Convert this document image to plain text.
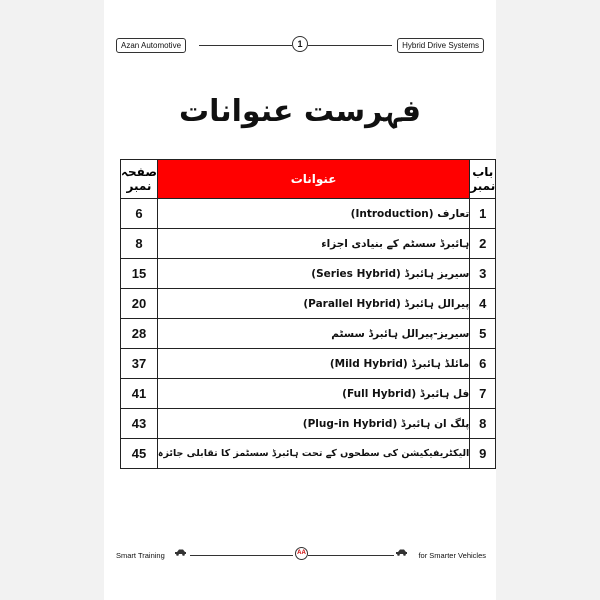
Azan Automotive	1	Hybrid Drive Systems
فہرست عنوانات
صفحہ نمبر	عنوانات	باب نمبر
6	تعارف (Introduction)	1
8	ہائبرڈ سسٹم کے بنیادی اجزاء	2
15	سیریز ہائبرڈ (Series Hybrid)	3
20	پیرالل ہائبرڈ (Parallel Hybrid)	4
28	سیریز-پیرالل ہائبرڈ سسٹم	5
37	مائلڈ ہائبرڈ (Mild Hybrid)	6
41	فل ہائبرڈ (Full Hybrid)	7
43	پلگ ان ہائبرڈ (Plug-in Hybrid)	8
45	الیکٹریفیکیشن کی سطحوں کے تحت ہائبرڈ سسٹمز کا تقابلی جائزہ	9
Smart Training	AA	for Smarter Vehicles
